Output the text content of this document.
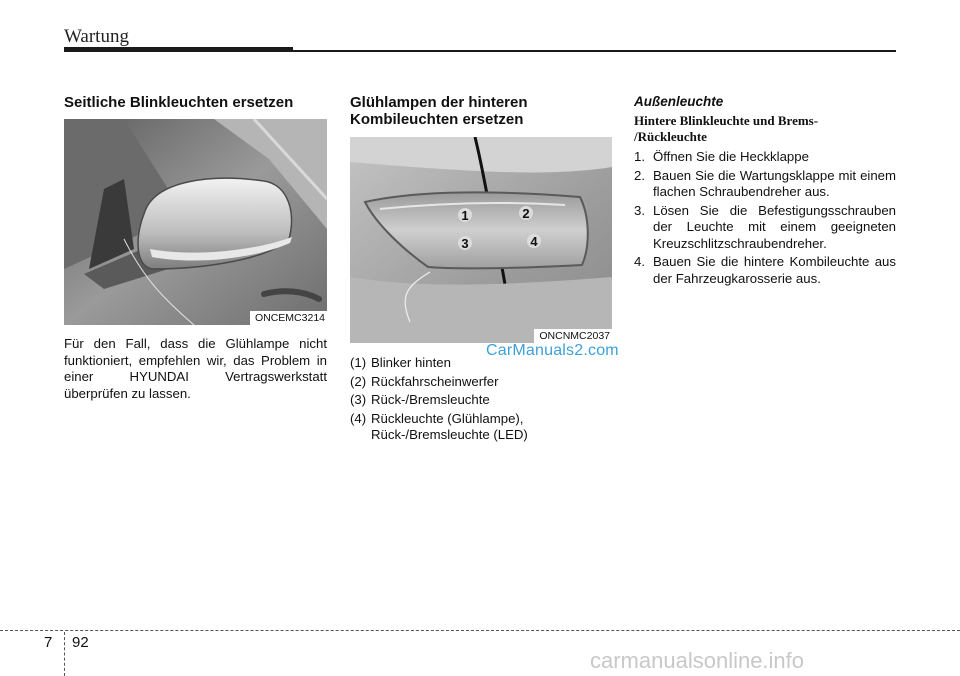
Wartung
Seitliche Blinkleuchten ersetzen
ONCEMC3214

Für den Fall, dass die Glühlampe nicht funktioniert, empfehlen wir, das Problem in einer HYUNDAI Vertragswerkstatt überprüfen zu lassen.

Glühlampen der hinteren
Kombileuchten ersetzen
1	2
3	4
ONCNMC2037
(1) Blinker hinten
(2) Rückfahrscheinwerfer
(3) Rück-/Bremsleuchte
(4) Rückleuchte (Glühlampe), Rück-/Bremsleuchte (LED)
CarManuals2.com

Außenleuchte

Hintere Blinkleuchte und Brems-
/Rückleuchte

1. Öffnen Sie die Heckklappe
2. Bauen Sie die Wartungsklappe mit einem flachen Schraubendreher aus.
3. Lösen Sie die Befestigungsschrauben der Leuchte mit einem geeigneten Kreuzschlitzschraubendreher.
4. Bauen Sie die hintere Kombileuchte aus der Fahrzeugkarosserie aus.
7 92
carmanualsonline.info
